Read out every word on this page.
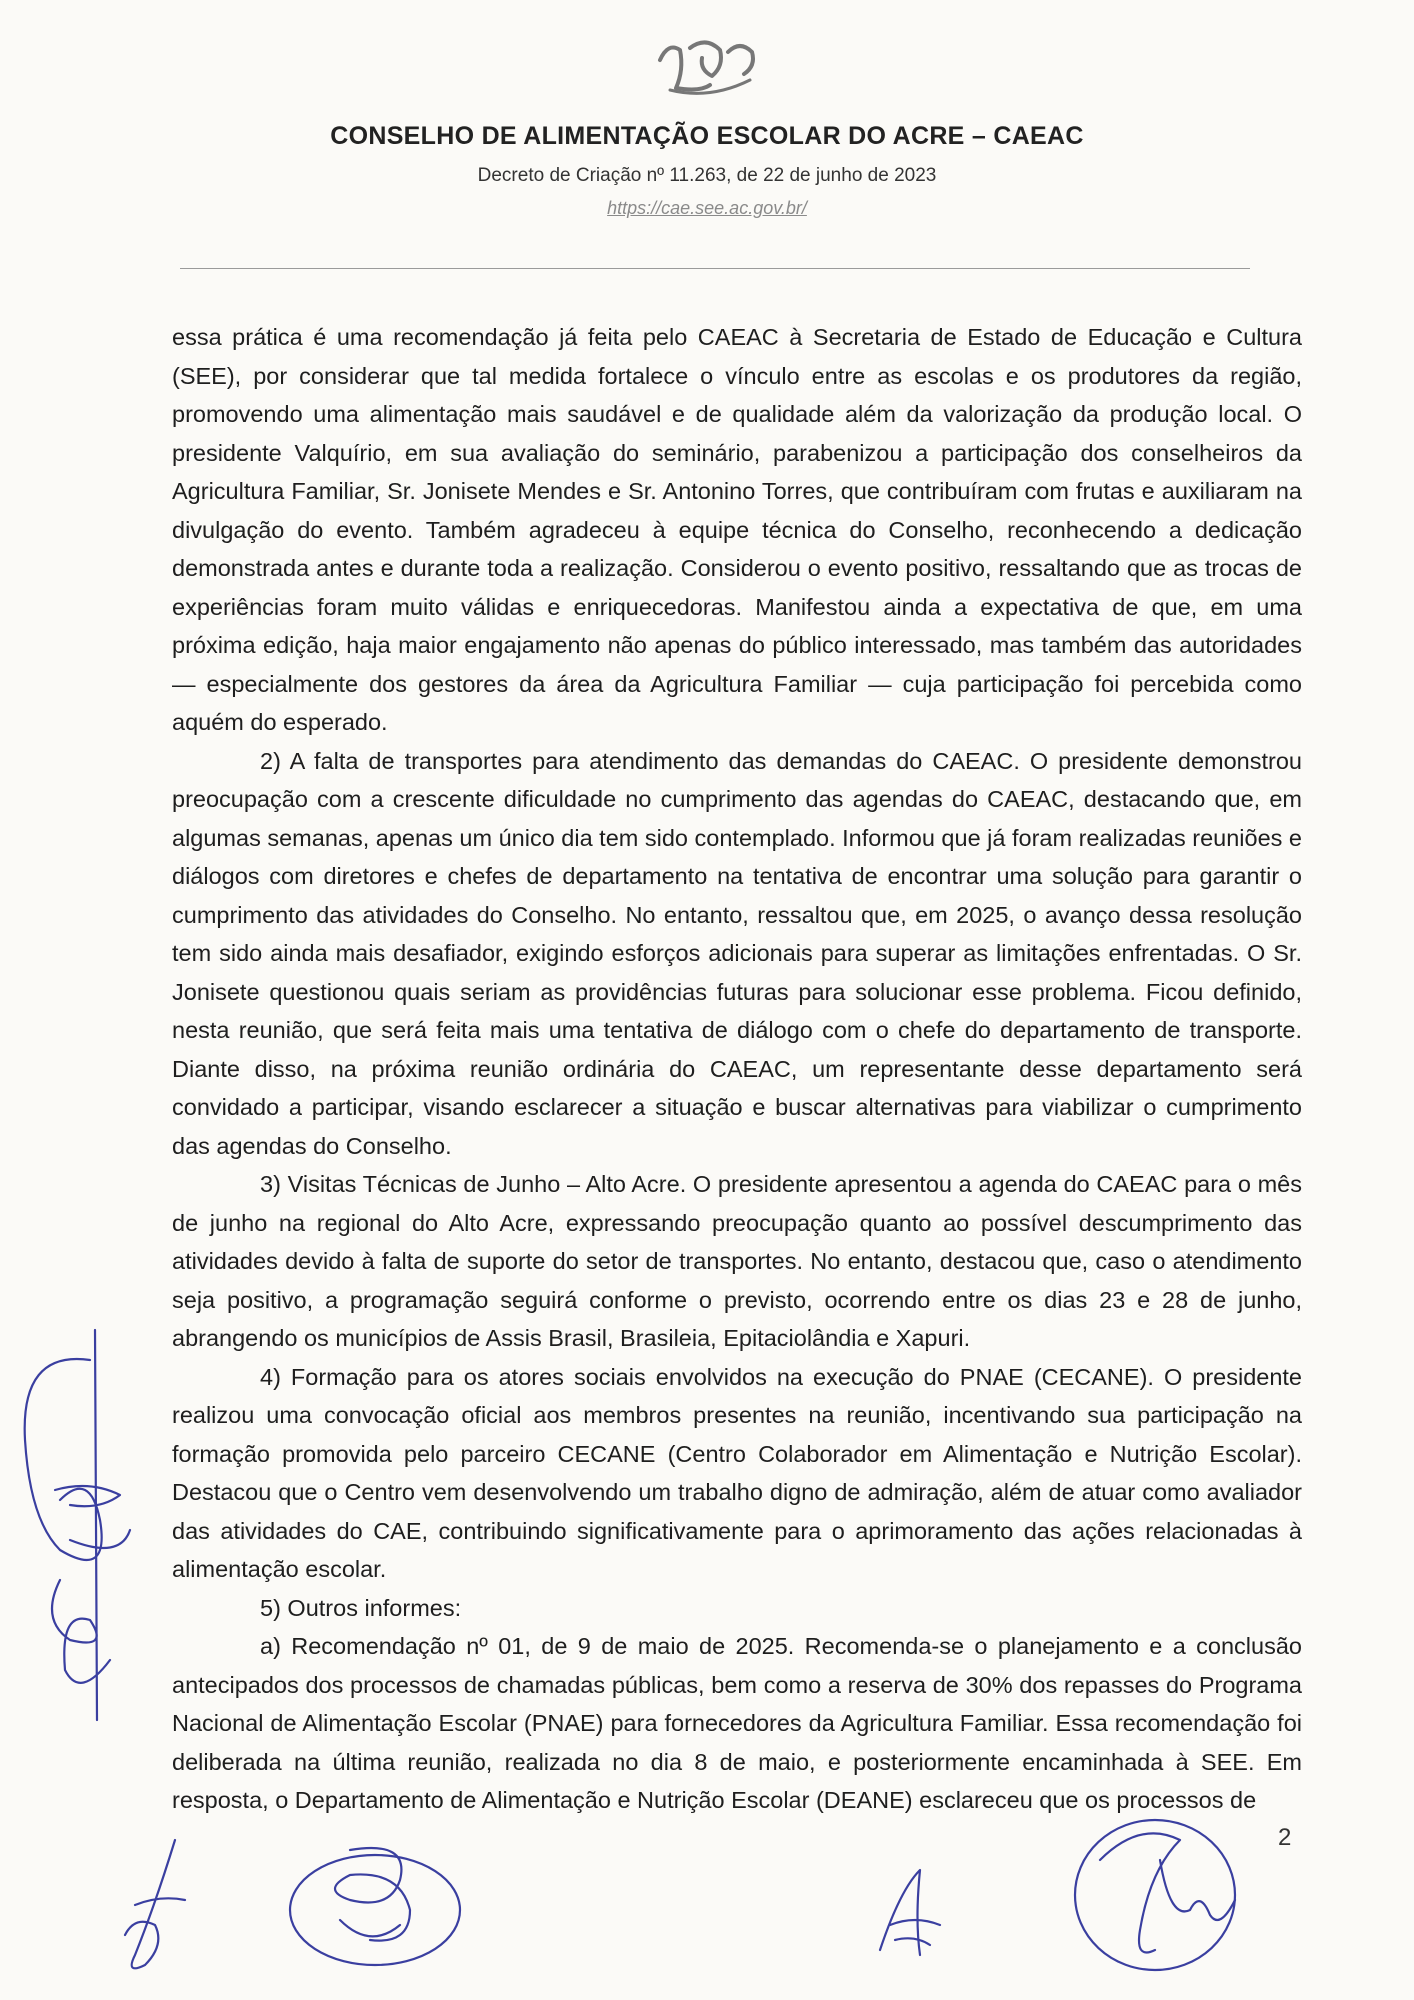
CONSELHO DE ALIMENTAÇÃO ESCOLAR DO ACRE – CAEAC
Decreto de Criação nº 11.263, de 22 de junho de 2023
https://cae.see.ac.gov.br/

essa prática é uma recomendação já feita pelo CAEAC à Secretaria de Estado de Educação e Cultura (SEE), por considerar que tal medida fortalece o vínculo entre as escolas e os produtores da região, promovendo uma alimentação mais saudável e de qualidade além da valorização da produção local. O presidente Valquírio, em sua avaliação do seminário, parabenizou a participação dos conselheiros da Agricultura Familiar, Sr. Jonisete Mendes e Sr. Antonino Torres, que contribuíram com frutas e auxiliaram na divulgação do evento. Também agradeceu à equipe técnica do Conselho, reconhecendo a dedicação demonstrada antes e durante toda a realização. Considerou o evento positivo, ressaltando que as trocas de experiências foram muito válidas e enriquecedoras. Manifestou ainda a expectativa de que, em uma próxima edição, haja maior engajamento não apenas do público interessado, mas também das autoridades — especialmente dos gestores da área da Agricultura Familiar — cuja participação foi percebida como aquém do esperado.

2) A falta de transportes para atendimento das demandas do CAEAC. O presidente demonstrou preocupação com a crescente dificuldade no cumprimento das agendas do CAEAC, destacando que, em algumas semanas, apenas um único dia tem sido contemplado. Informou que já foram realizadas reuniões e diálogos com diretores e chefes de departamento na tentativa de encontrar uma solução para garantir o cumprimento das atividades do Conselho. No entanto, ressaltou que, em 2025, o avanço dessa resolução tem sido ainda mais desafiador, exigindo esforços adicionais para superar as limitações enfrentadas. O Sr. Jonisete questionou quais seriam as providências futuras para solucionar esse problema. Ficou definido, nesta reunião, que será feita mais uma tentativa de diálogo com o chefe do departamento de transporte. Diante disso, na próxima reunião ordinária do CAEAC, um representante desse departamento será convidado a participar, visando esclarecer a situação e buscar alternativas para viabilizar o cumprimento das agendas do Conselho.

3) Visitas Técnicas de Junho – Alto Acre. O presidente apresentou a agenda do CAEAC para o mês de junho na regional do Alto Acre, expressando preocupação quanto ao possível descumprimento das atividades devido à falta de suporte do setor de transportes. No entanto, destacou que, caso o atendimento seja positivo, a programação seguirá conforme o previsto, ocorrendo entre os dias 23 e 28 de junho, abrangendo os municípios de Assis Brasil, Brasileia, Epitaciolândia e Xapuri.

4) Formação para os atores sociais envolvidos na execução do PNAE (CECANE). O presidente realizou uma convocação oficial aos membros presentes na reunião, incentivando sua participação na formação promovida pelo parceiro CECANE (Centro Colaborador em Alimentação e Nutrição Escolar). Destacou que o Centro vem desenvolvendo um trabalho digno de admiração, além de atuar como avaliador das atividades do CAE, contribuindo significativamente para o aprimoramento das ações relacionadas à alimentação escolar.

5) Outros informes:

a) Recomendação nº 01, de 9 de maio de 2025. Recomenda-se o planejamento e a conclusão antecipados dos processos de chamadas públicas, bem como a reserva de 30% dos repasses do Programa Nacional de Alimentação Escolar (PNAE) para fornecedores da Agricultura Familiar. Essa recomendação foi deliberada na última reunião, realizada no dia 8 de maio, e posteriormente encaminhada à SEE. Em resposta, o Departamento de Alimentação e Nutrição Escolar (DEANE) esclareceu que os processos de

2
